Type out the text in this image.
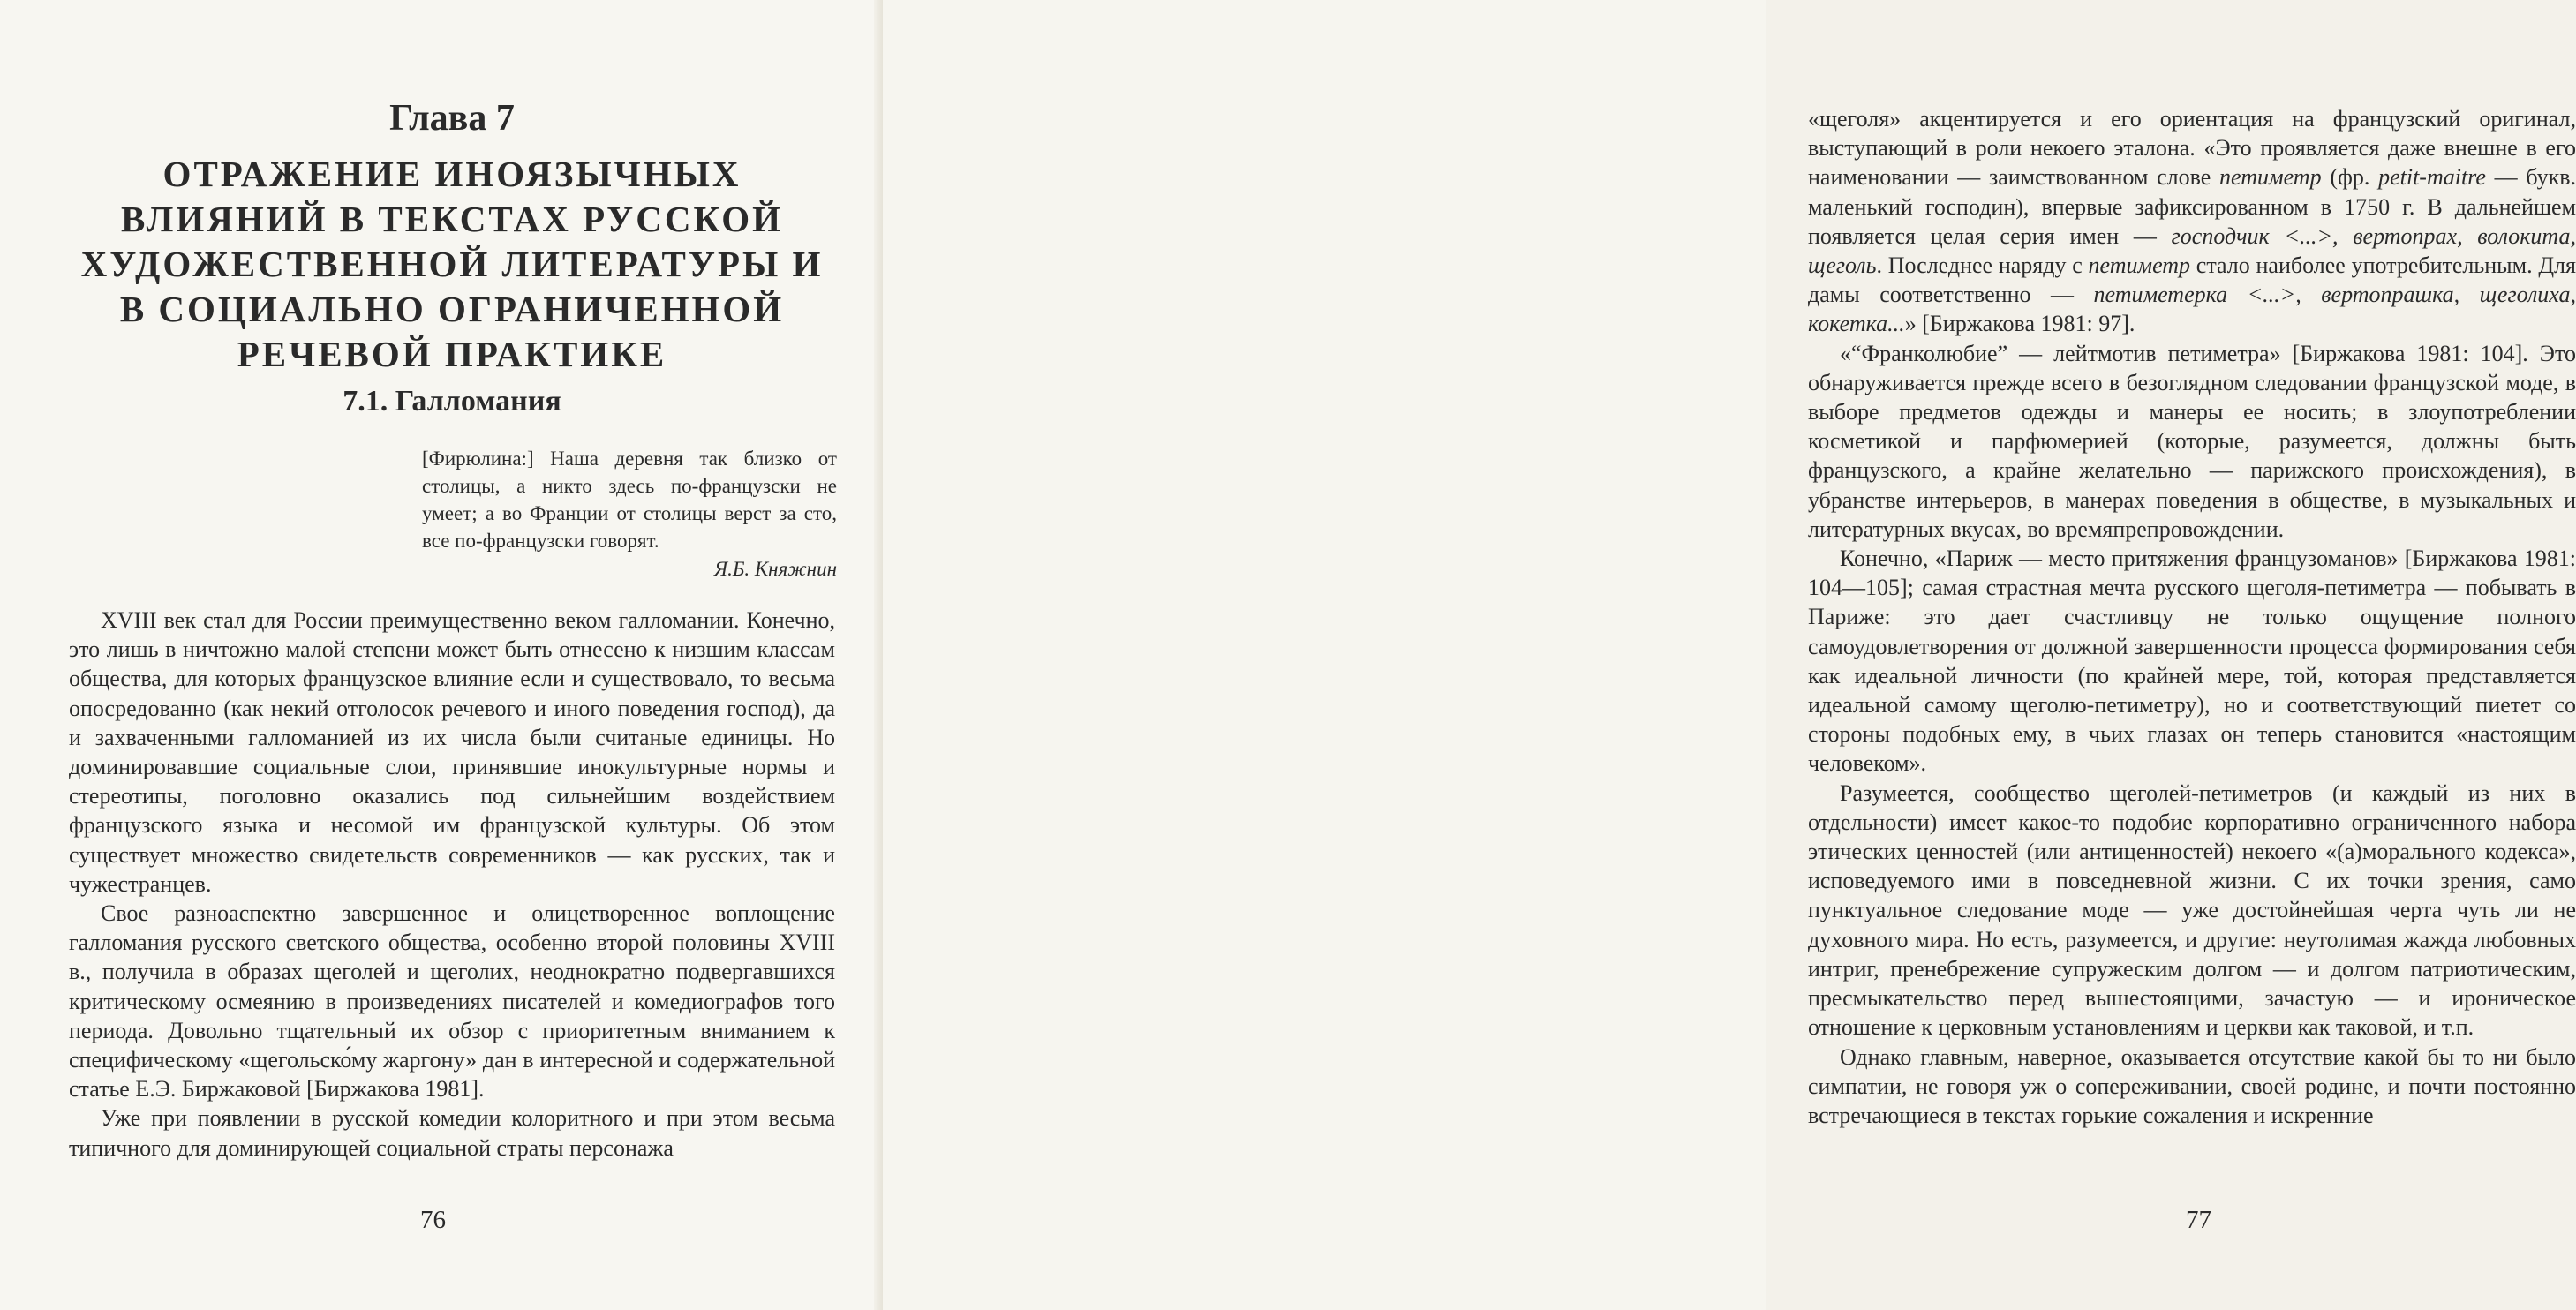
Глава 7
ОТРАЖЕНИЕ ИНОЯЗЫЧНЫХ ВЛИЯНИЙ В ТЕКСТАХ РУССКОЙ ХУДОЖЕСТВЕННОЙ ЛИТЕРАТУРЫ И В СОЦИАЛЬНО ОГРАНИЧЕННОЙ РЕЧЕВОЙ ПРАКТИКЕ
7.1. Галломания
[Фирюлина:] Наша деревня так близко от столицы, а никто здесь по-французски не умеет; а во Франции от столицы верст за сто, все по-французски говорят.
Я.Б. Княжнин

XVIII век стал для России преимущественно веком галломании. Конечно, это лишь в ничтожно малой степени может быть отнесено к низшим классам общества, для которых французское влияние если и существовало, то весьма опосредованно (как некий отголосок речевого и иного поведения господ), да и захваченными галломанией из их числа были считаные единицы. Но доминировавшие социальные слои, принявшие инокультурные нормы и стереотипы, поголовно оказались под сильнейшим воздействием французского языка и несомой им французской культуры. Об этом существует множество свидетельств современников — как русских, так и чужестранцев.

Свое разноаспектно завершенное и олицетворенное воплощение галломания русского светского общества, особенно второй половины XVIII в., получила в образах щеголей и щеголих, неоднократно подвергавшихся критическому осмеянию в произведениях писателей и комедиографов того периода. Довольно тщательный их обзор с приоритетным вниманием к специфическому «щегольско́му жаргону» дан в интересной и содержательной статье Е.Э. Биржаковой [Биржакова 1981].

Уже при появлении в русской комедии колоритного и при этом весьма типичного для доминирующей социальной страты персонажа

76

«щеголя» акцентируется и его ориентация на французский оригинал, выступающий в роли некоего эталона. «Это проявляется даже внешне в его наименовании — заимствованном слове петиметр (фр. petit-maitre — букв. маленький господин), впервые зафиксированном в 1750 г. В дальнейшем появляется целая серия имен — господчик <...>, вертопрах, волокита, щеголь. Последнее наряду с петиметр стало наиболее употребительным. Для дамы соответственно — петиметерка <...>, вертопрашка, щеголиха, кокетка...» [Биржакова 1981: 97].

«“Франколюбие” — лейтмотив петиметра» [Биржакова 1981: 104]. Это обнаруживается прежде всего в безоглядном следовании французской моде, в выборе предметов одежды и манеры ее носить; в злоупотреблении косметикой и парфюмерией (которые, разумеется, должны быть французского, а крайне желательно — парижского происхождения), в убранстве интерьеров, в манерах поведения в обществе, в музыкальных и литературных вкусах, во времяпрепровождении.

Конечно, «Париж — место притяжения французоманов» [Биржакова 1981: 104—105]; самая страстная мечта русского щеголя-петиметра — побывать в Париже: это дает счастливцу не только ощущение полного самоудовлетворения от должной завершенности процесса формирования себя как идеальной личности (по крайней мере, той, которая представляется идеальной самому щеголю-петиметру), но и соответствующий пиетет со стороны подобных ему, в чьих глазах он теперь становится «настоящим человеком».

Разумеется, сообщество щеголей-петиметров (и каждый из них в отдельности) имеет какое-то подобие корпоративно ограниченного набора этических ценностей (или антиценностей) некоего «(а)морального кодекса», исповедуемого ими в повседневной жизни. С их точки зрения, само пунктуальное следование моде — уже достойнейшая черта чуть ли не духовного мира. Но есть, разумеется, и другие: неутолимая жажда любовных интриг, пренебрежение супружеским долгом — и долгом патриотическим, пресмыкательство перед вышестоящими, зачастую — и ироническое отношение к церковным установлениям и церкви как таковой, и т.п.

Однако главным, наверное, оказывается отсутствие какой бы то ни было симпатии, не говоря уж о сопереживании, своей родине, и почти постоянно встречающиеся в текстах горькие сожаления и искренние

77
